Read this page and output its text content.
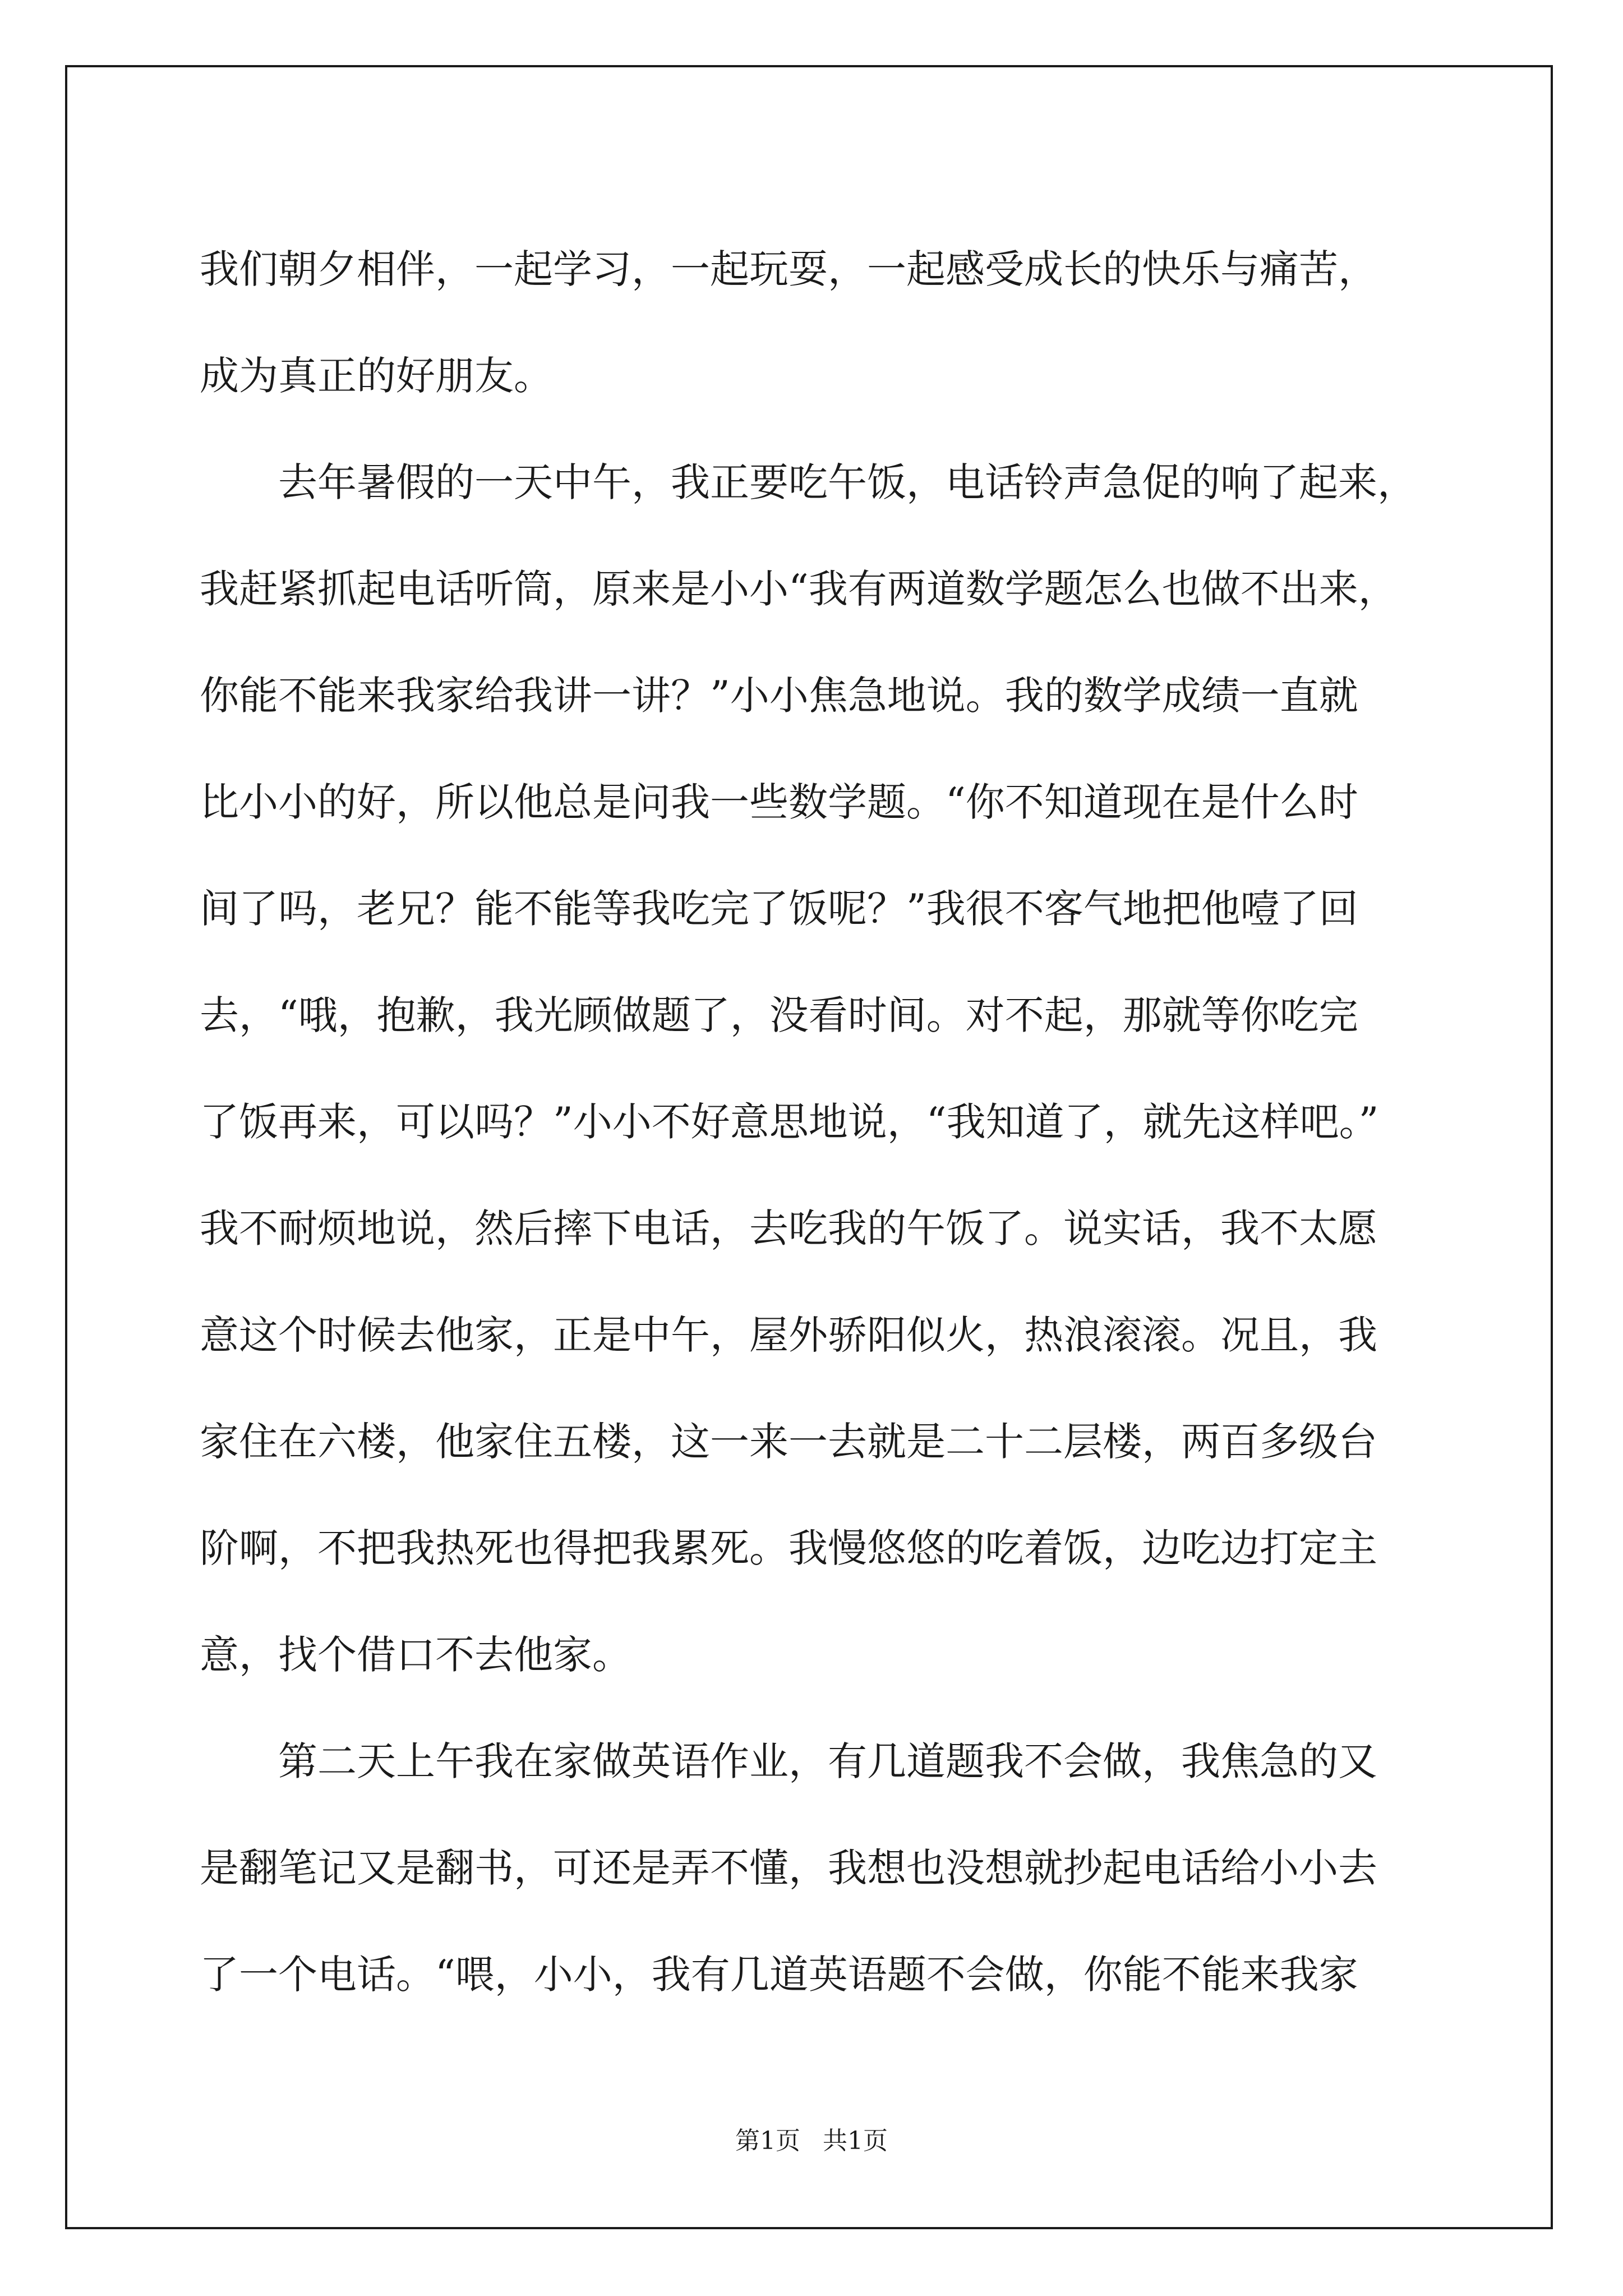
我们朝夕相伴，一起学习，一起玩耍，一起感受成长的快乐与痛苦，
成为真正的好朋友。
去年暑假的一天中午，我正要吃午饭，电话铃声急促的响了起来，
我赶紧抓起电话听筒，原来是小小“我有两道数学题怎么也做不出来，
你能不能来我家给我讲一讲？”小小焦急地说。我的数学成绩一直就
比小小的好，所以他总是问我一些数学题。“你不知道现在是什么时
间了吗，老兄？能不能等我吃完了饭呢？”我很不客气地把他噎了回
去，“哦，抱歉，我光顾做题了，没看时间。对不起，那就等你吃完
了饭再来，可以吗？”小小不好意思地说，“我知道了，就先这样吧。”
我不耐烦地说，然后摔下电话，去吃我的午饭了。说实话，我不太愿
意这个时候去他家，正是中午，屋外骄阳似火，热浪滚滚。况且，我
家住在六楼，他家住五楼，这一来一去就是二十二层楼，两百多级台
阶啊，不把我热死也得把我累死。我慢悠悠的吃着饭，边吃边打定主
意，找个借口不去他家。
第二天上午我在家做英语作业，有几道题我不会做，我焦急的又
是翻笔记又是翻书，可还是弄不懂，我想也没想就抄起电话给小小去
了一个电话。“喂，小小，我有几道英语题不会做，你能不能来我家
第1页 共1页
